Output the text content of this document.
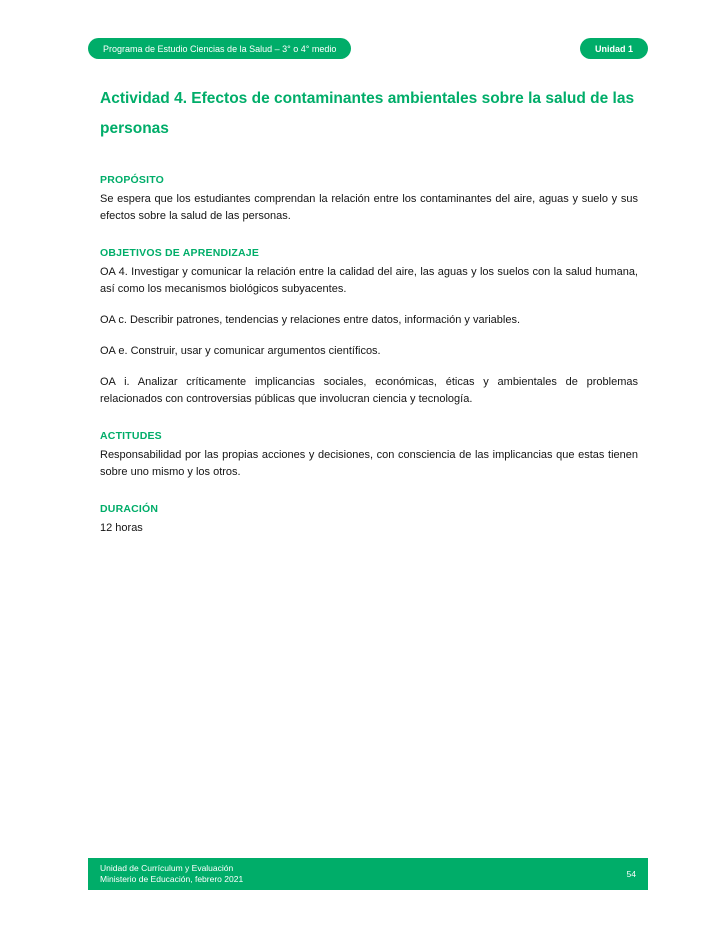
Programa de Estudio Ciencias de la Salud – 3° o 4° medio	Unidad 1
Actividad 4. Efectos de contaminantes ambientales sobre la salud de las personas
PROPÓSITO

Se espera que los estudiantes comprendan la relación entre los contaminantes del aire, aguas y suelo y sus efectos sobre la salud de las personas.

OBJETIVOS DE APRENDIZAJE

OA 4. Investigar y comunicar la relación entre la calidad del aire, las aguas y los suelos con la salud humana, así como los mecanismos biológicos subyacentes.

OA c. Describir patrones, tendencias y relaciones entre datos, información y variables.

OA e. Construir, usar y comunicar argumentos científicos.

OA i. Analizar críticamente implicancias sociales, económicas, éticas y ambientales de problemas relacionados con controversias públicas que involucran ciencia y tecnología.

ACTITUDES

Responsabilidad por las propias acciones y decisiones, con consciencia de las implicancias que estas tienen sobre uno mismo y los otros.

DURACIÓN

12 horas

Unidad de Currículum y Evaluación
Ministerio de Educación, febrero 2021
54
